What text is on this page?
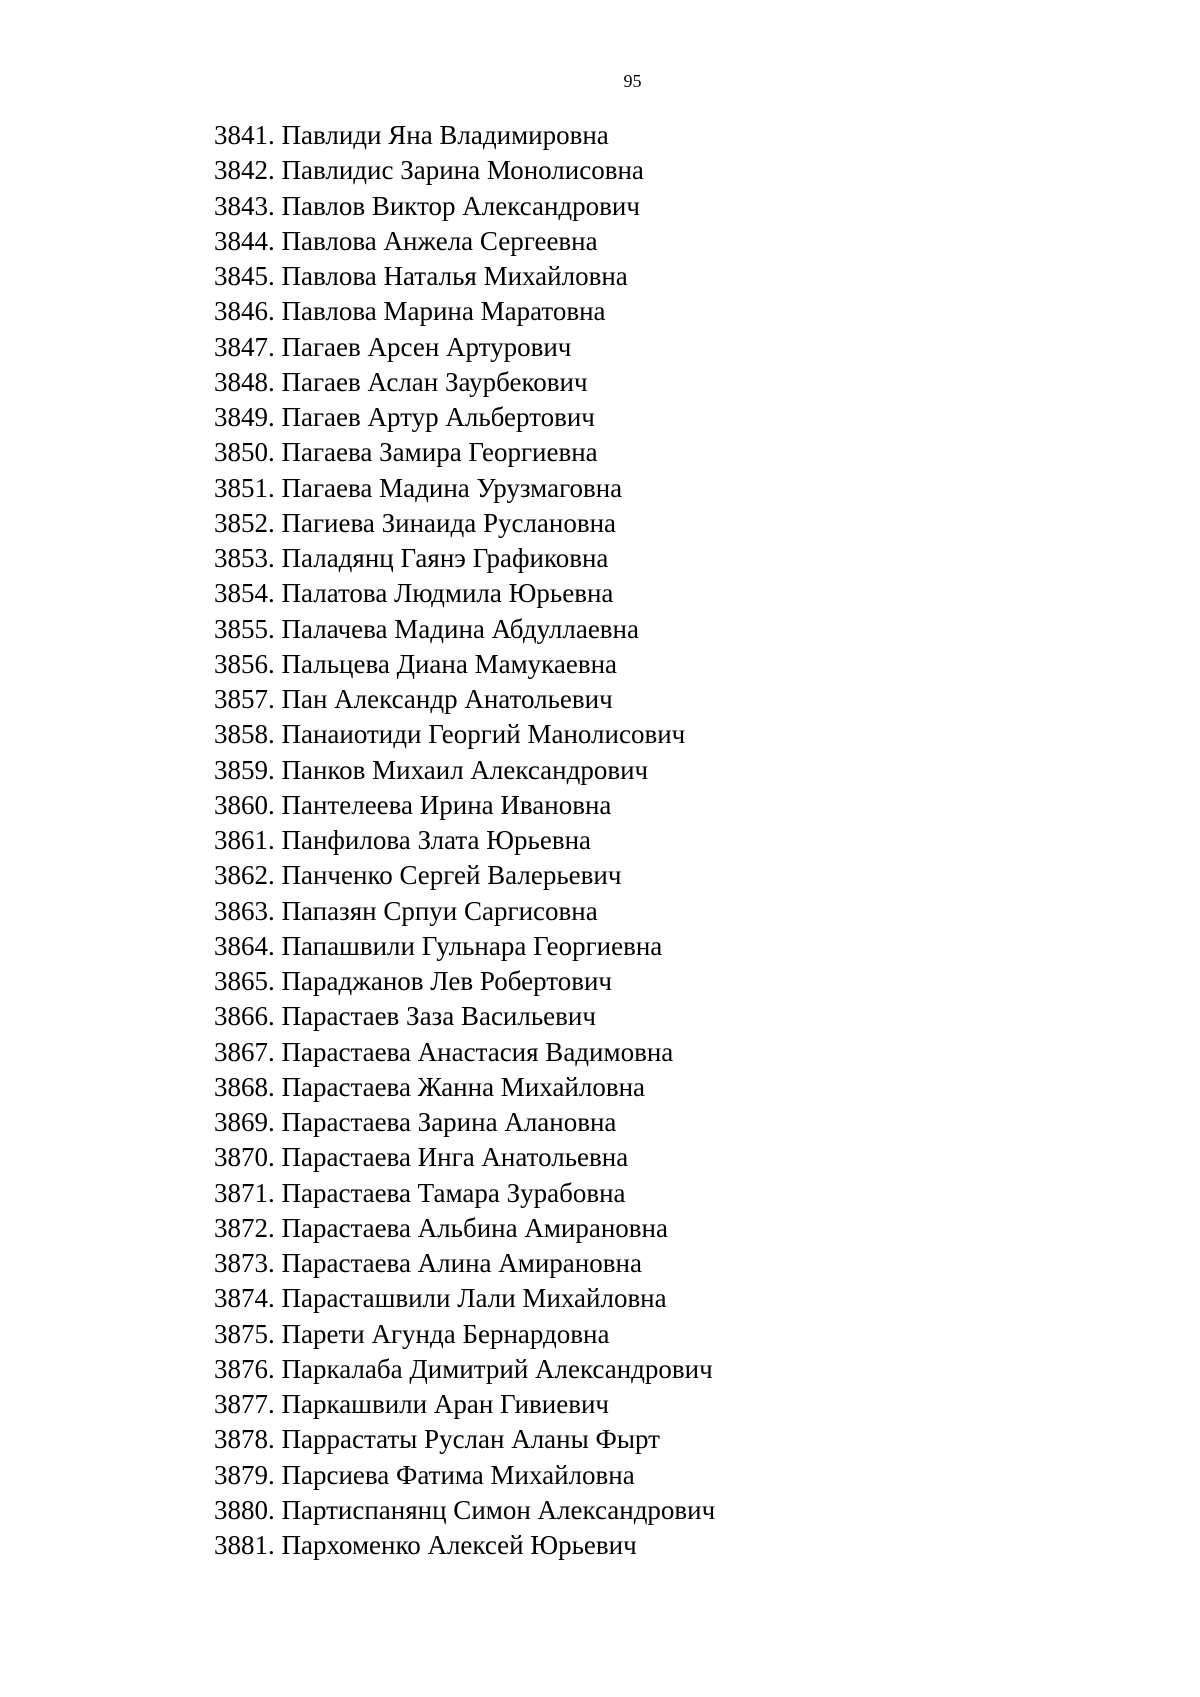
95
3841. Павлиди Яна Владимировна
3842. Павлидис Зарина Монолисовна
3843. Павлов Виктор Александрович
3844. Павлова Анжела Сергеевна
3845. Павлова Наталья Михайловна
3846. Павлова Марина Маратовна
3847. Пагаев Арсен Артурович
3848. Пагаев Аслан Заурбекович
3849. Пагаев Артур Альбертович
3850. Пагаева Замира Георгиевна
3851. Пагаева Мадина Урузмаговна
3852. Пагиева Зинаида Руслановна
3853. Паладянц Гаянэ Графиковна
3854. Палатова Людмила Юрьевна
3855. Палачева Мадина Абдуллаевна
3856. Пальцева Диана Мамукаевна
3857. Пан Александр Анатольевич
3858. Панаиотиди Георгий Манолисович
3859. Панков Михаил Александрович
3860. Пантелеева Ирина Ивановна
3861. Панфилова Злата Юрьевна
3862. Панченко Сергей Валерьевич
3863. Папазян Српуи Саргисовна
3864. Папашвили Гульнара Георгиевна
3865. Параджанов Лев Робертович
3866. Парастаев Заза Васильевич
3867. Парастаева Анастасия Вадимовна
3868. Парастаева Жанна Михайловна
3869. Парастаева Зарина Алановна
3870. Парастаева Инга Анатольевна
3871. Парастаева Тамара Зурабовна
3872. Парастаева Альбина Амирановна
3873. Парастаева Алина Амирановна
3874. Парасташвили Лали Михайловна
3875. Парети Агунда Бернардовна
3876. Паркалаба Димитрий Александрович
3877. Паркашвили Аран Гивиевич
3878. Паррастаты Руслан Аланы Фырт
3879. Парсиева Фатима Михайловна
3880. Партиспанянц Симон Александрович
3881. Пархоменко Алексей Юрьевич
